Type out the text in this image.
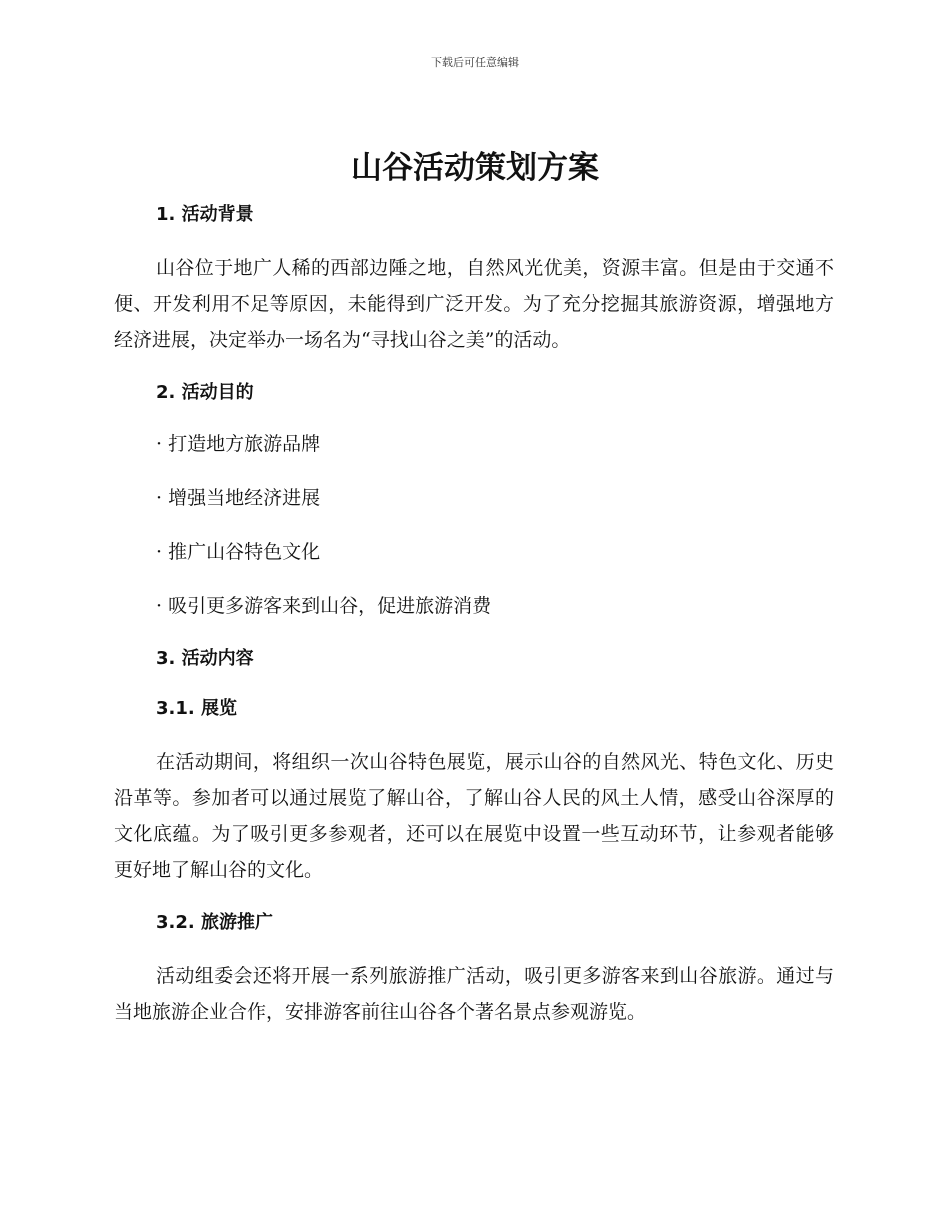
下载后可任意编辑
山谷活动策划方案
1. 活动背景
山谷位于地广人稀的西部边陲之地，自然风光优美，资源丰富。但是由于交通不便、开发利用不足等原因，未能得到广泛开发。为了充分挖掘其旅游资源，增强地方经济进展，决定举办一场名为“寻找山谷之美”的活动。
2. 活动目的
· 打造地方旅游品牌
· 增强当地经济进展
· 推广山谷特色文化
· 吸引更多游客来到山谷，促进旅游消费
3. 活动内容
3.1. 展览
在活动期间，将组织一次山谷特色展览，展示山谷的自然风光、特色文化、历史沿革等。参加者可以通过展览了解山谷，了解山谷人民的风土人情，感受山谷深厚的文化底蕴。为了吸引更多参观者，还可以在展览中设置一些互动环节，让参观者能够更好地了解山谷的文化。
3.2. 旅游推广
活动组委会还将开展一系列旅游推广活动，吸引更多游客来到山谷旅游。通过与当地旅游企业合作，安排游客前往山谷各个著名景点参观游览。
